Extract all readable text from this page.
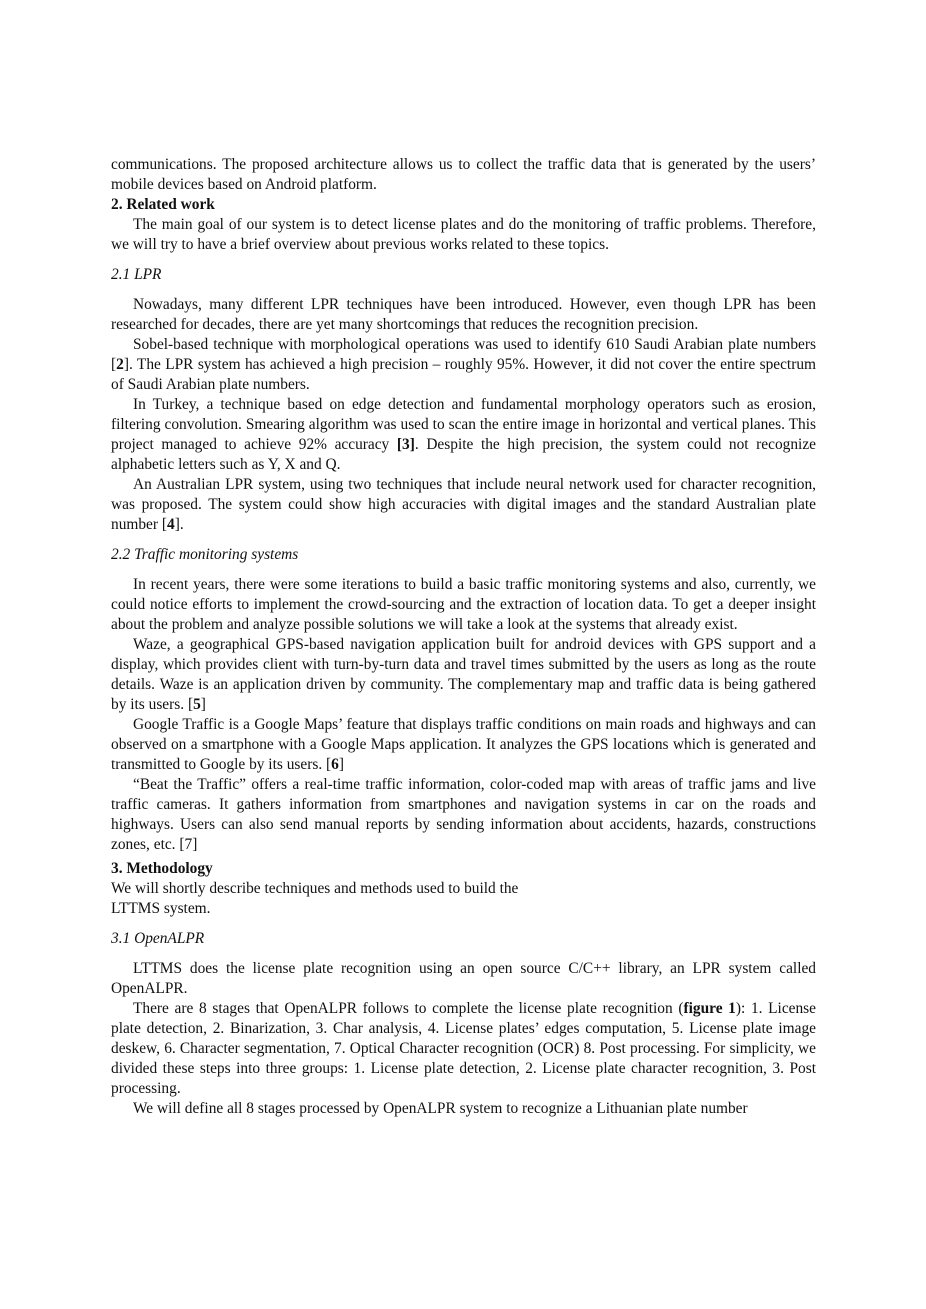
communications. The proposed architecture allows us to collect the traffic data that is generated by the users’ mobile devices based on Android platform.

2. Related work

The main goal of our system is to detect license plates and do the monitoring of traffic problems. Therefore, we will try to have a brief overview about previous works related to these topics.

2.1 LPR

Nowadays, many different LPR techniques have been introduced. However, even though LPR has been researched for decades, there are yet many shortcomings that reduces the recognition precision.

Sobel-based technique with morphological operations was used to identify 610 Saudi Arabian plate numbers [2]. The LPR system has achieved a high precision – roughly 95%. However, it did not cover the entire spectrum of Saudi Arabian plate numbers.

In Turkey, a technique based on edge detection and fundamental morphology operators such as erosion, filtering convolution. Smearing algorithm was used to scan the entire image in horizontal and vertical planes. This project managed to achieve 92% accuracy [3]. Despite the high precision, the system could not recognize alphabetic letters such as Y, X and Q.

An Australian LPR system, using two techniques that include neural network used for character recognition, was proposed. The system could show high accuracies with digital images and the standard Australian plate number [4].

2.2 Traffic monitoring systems

In recent years, there were some iterations to build a basic traffic monitoring systems and also, currently, we could notice efforts to implement the crowd-sourcing and the extraction of location data. To get a deeper insight about the problem and analyze possible solutions we will take a look at the systems that already exist.

Waze, a geographical GPS-based navigation application built for android devices with GPS support and a display, which provides client with turn-by-turn data and travel times submitted by the users as long as the route details. Waze is an application driven by community. The complementary map and traffic data is being gathered by its users. [5]

Google Traffic is a Google Maps’ feature that displays traffic conditions on main roads and highways and can observed on a smartphone with a Google Maps application. It analyzes the GPS locations which is generated and transmitted to Google by its users. [6]

“Beat the Traffic” offers a real-time traffic information, color-coded map with areas of traffic jams and live traffic cameras. It gathers information from smartphones and navigation systems in car on the roads and highways. Users can also send manual reports by sending information about accidents, hazards, constructions zones, etc. [7]

3. Methodology

We will shortly describe techniques and methods used to build the

LTTMS system.

3.1 OpenALPR

LTTMS does the license plate recognition using an open source C/C++ library, an LPR system called OpenALPR.

There are 8 stages that OpenALPR follows to complete the license plate recognition (figure 1): 1. License plate detection, 2. Binarization, 3. Char analysis, 4. License plates’ edges computation, 5. License plate image deskew, 6. Character segmentation, 7. Optical Character recognition (OCR) 8. Post processing. For simplicity, we divided these steps into three groups: 1. License plate detection, 2. License plate character recognition, 3. Post processing.

We will define all 8 stages processed by OpenALPR system to recognize a Lithuanian plate number
